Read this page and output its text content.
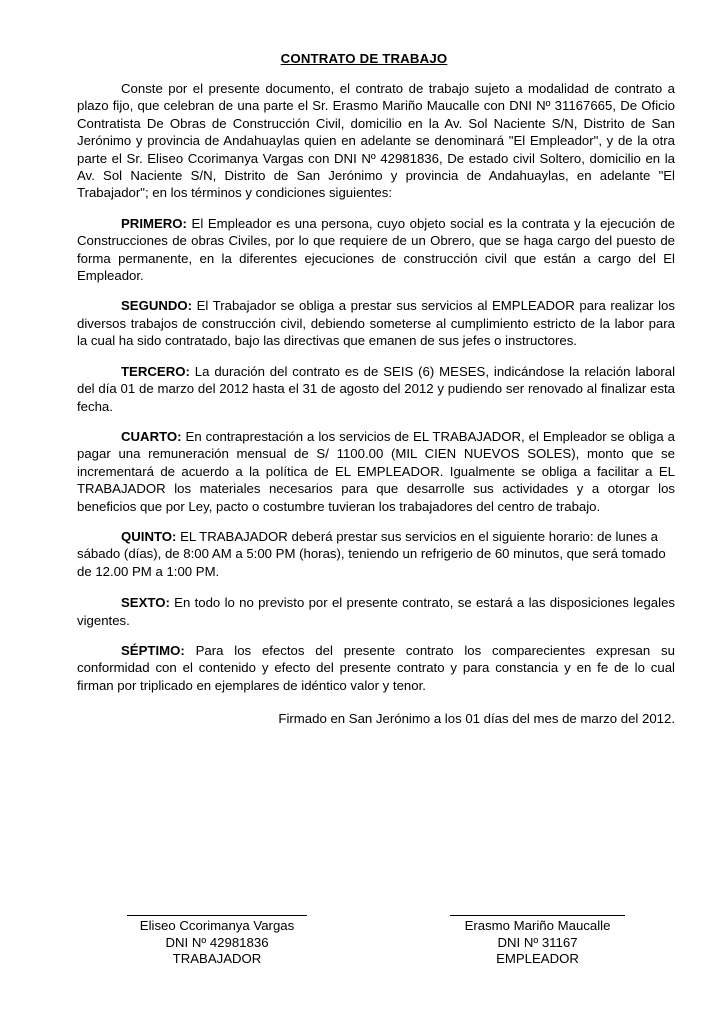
CONTRATO DE TRABAJO

Conste por el presente documento, el contrato de trabajo sujeto a modalidad de contrato a plazo fijo, que celebran de una parte el Sr. Erasmo Mariño Maucalle con DNI Nº 31167665, De Oficio Contratista De Obras de Construcción Civil, domicilio en la Av. Sol Naciente S/N, Distrito de San Jerónimo y provincia de Andahuaylas quien en adelante se denominará "El Empleador", y de la otra parte el Sr. Eliseo Ccorimanya Vargas con DNI Nº 42981836, De estado civil Soltero, domicilio en la Av. Sol Naciente S/N, Distrito de San Jerónimo y provincia de Andahuaylas, en adelante "El Trabajador"; en los términos y condiciones siguientes:

PRIMERO: El Empleador es una persona, cuyo objeto social es la contrata y la ejecución de Construcciones de obras Civiles, por lo que requiere de un Obrero, que se haga cargo del puesto de forma permanente, en la diferentes ejecuciones de construcción civil que están a cargo del El Empleador.

SEGUNDO: El Trabajador se obliga a prestar sus servicios al EMPLEADOR para realizar los diversos trabajos de construcción civil, debiendo someterse al cumplimiento estricto de la labor para la cual ha sido contratado, bajo las directivas que emanen de sus jefes o instructores.

TERCERO: La duración del contrato es de SEIS (6) MESES, indicándose la relación laboral del día 01 de marzo del 2012 hasta el 31 de agosto del 2012 y pudiendo ser renovado al finalizar esta fecha.

CUARTO: En contraprestación a los servicios de EL TRABAJADOR, el Empleador se obliga a pagar una remuneración mensual de S/ 1100.00 (MIL CIEN NUEVOS SOLES), monto que se incrementará de acuerdo a la política de EL EMPLEADOR. Igualmente se obliga a facilitar a EL TRABAJADOR los materiales necesarios para que desarrolle sus actividades y a otorgar los beneficios que por Ley, pacto o costumbre tuvieran los trabajadores del centro de trabajo.

QUINTO: EL TRABAJADOR deberá prestar sus servicios en el siguiente horario: de lunes a sábado (días), de 8:00 AM a 5:00 PM (horas), teniendo un refrigerio de 60 minutos, que será tomado de 12.00 PM a 1:00 PM.

SEXTO: En todo lo no previsto por el presente contrato, se estará a las disposiciones legales vigentes.

SÉPTIMO: Para los efectos del presente contrato los comparecientes expresan su conformidad con el contenido y efecto del presente contrato y para constancia y en fe de lo cual firman por triplicado en ejemplares de idéntico valor y tenor.

Firmado en San Jerónimo a los 01 días del mes de marzo del 2012.
Eliseo Ccorimanya Vargas
DNI Nº 42981836
TRABAJADOR
Erasmo Mariño Maucalle
DNI Nº 31167
EMPLEADOR
